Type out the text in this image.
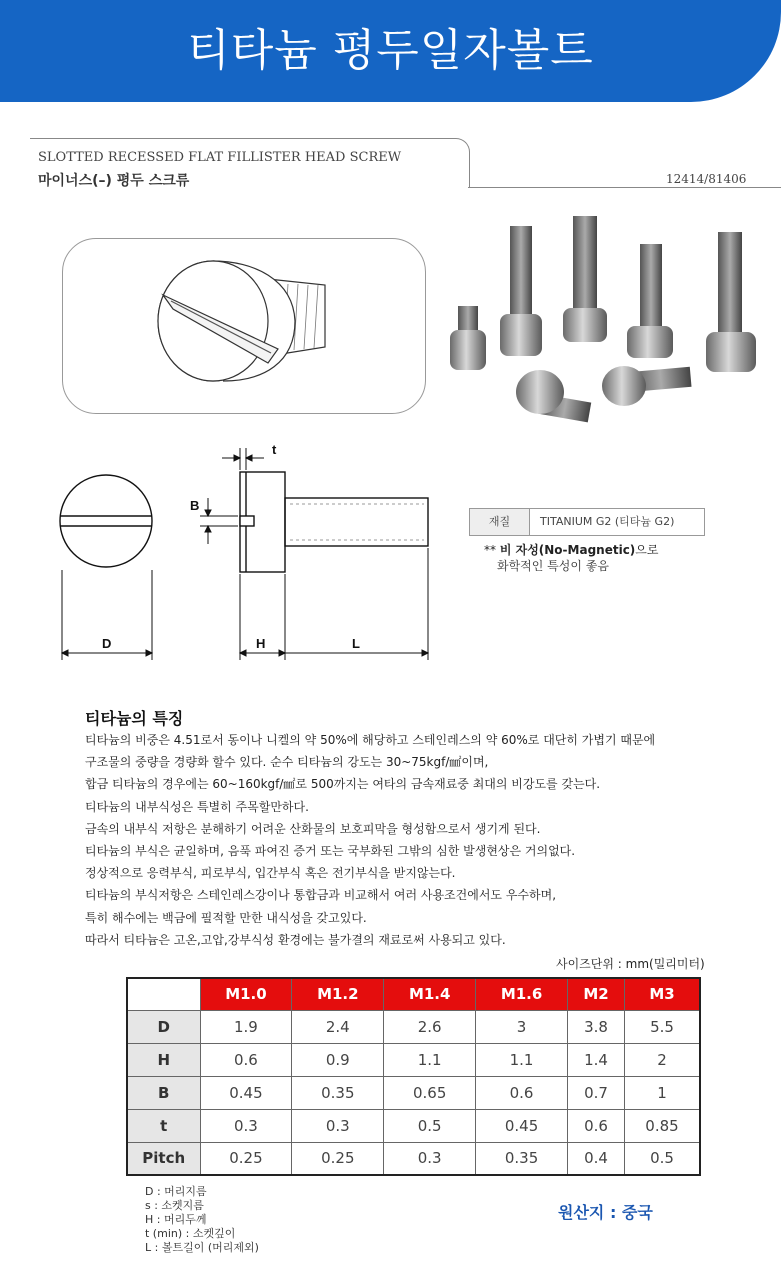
티타늄 평두일자볼트
SLOTTED RECESSED FLAT FILLISTER HEAD SCREW
마이너스(–) 평두 스크류	12414/81406
t
B
D	H	L
재질	TITANIUM G2 (티타늄 G2)
** 비 자성(No-Magnetic)으로
화학적인 특성이 좋음
티타늄의 특징
티타늄의 비중은 4.51로서 동이나 니켈의 약 50%에 해당하고 스테인레스의 약 60%로 대단히 가볍기 때문에
구조물의 중량을 경량화 할수 있다. 순수 티타늄의 강도는 30~75kgf/㎟이며,
합금 티타늄의 경우에는 60~160kgf/㎟로 500까지는 여타의 금속재료중 최대의 비강도를 갖는다.
티타늄의 내부식성은 특별히 주목할만하다.
금속의 내부식 저항은 분해하기 어려운 산화물의 보호피막을 형성함으로서 생기게 된다.
티타늄의 부식은 균일하며, 음푹 파여진 증거 또는 국부화된 그밖의 심한 발생현상은 거의없다.
정상적으로 응력부식, 피로부식, 입간부식 혹은 전기부식을 받지않는다.
티타늄의 부식저항은 스테인레스강이나 통합금과 비교해서 여러 사용조건에서도 우수하며,
특히 해수에는 백금에 필적할 만한 내식성을 갖고있다.
따라서 티타늄은 고온,고압,강부식성 환경에는 불가결의 재료로써 사용되고 있다.
사이즈단위 : mm(밀리미터)
	M1.0	M1.2	M1.4	M1.6	M2	M3
D	1.9	2.4	2.6	3	3.8	5.5
H	0.6	0.9	1.1	1.1	1.4	2
B	0.45	0.35	0.65	0.6	0.7	1
t	0.3	0.3	0.5	0.45	0.6	0.85
Pitch	0.25	0.25	0.3	0.35	0.4	0.5
D : 머리지름
s : 소켓지름
H : 머리두께
t (min) : 소켓깊이
L : 볼트길이 (머리제외)
원산지 : 중국
